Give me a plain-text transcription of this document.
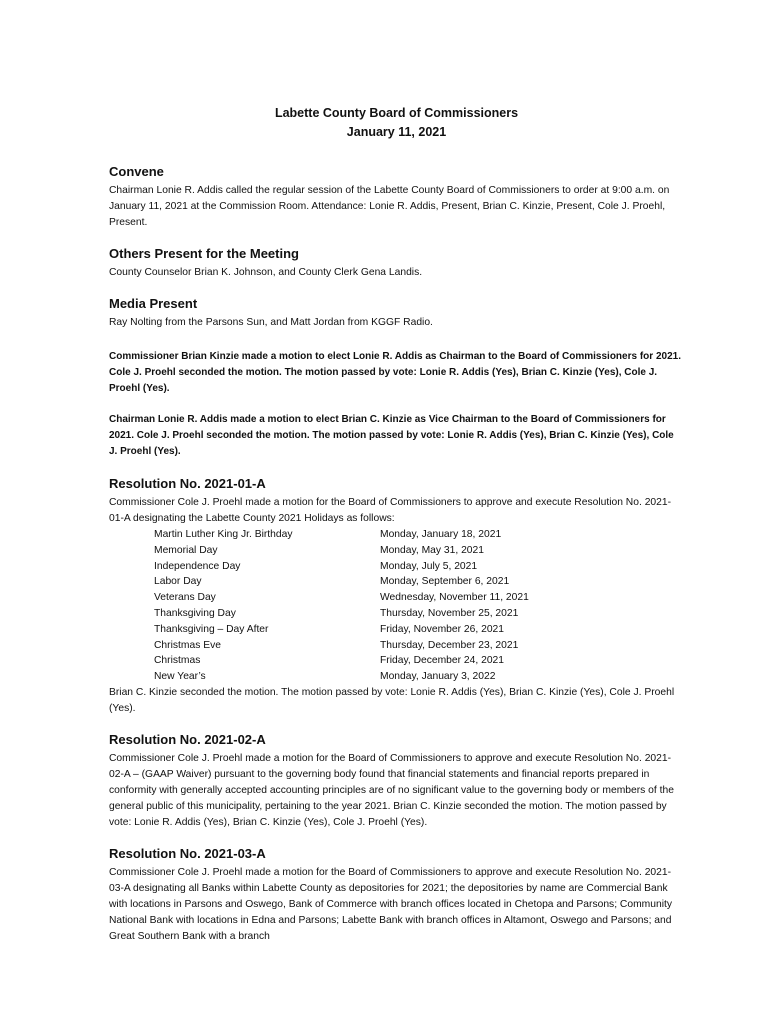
Labette County Board of Commissioners
January 11, 2021
Convene

Chairman Lonie R. Addis called the regular session of the Labette County Board of Commissioners to order at 9:00 a.m. on January 11, 2021 at the Commission Room. Attendance: Lonie R. Addis, Present, Brian C. Kinzie, Present, Cole J. Proehl, Present.

Others Present for the Meeting

County Counselor Brian K. Johnson, and County Clerk Gena Landis.

Media Present

Ray Nolting from the Parsons Sun, and Matt Jordan from KGGF Radio.

Commissioner Brian Kinzie made a motion to elect Lonie R. Addis as Chairman to the Board of Commissioners for 2021. Cole J. Proehl seconded the motion. The motion passed by vote: Lonie R. Addis (Yes), Brian C. Kinzie (Yes), Cole J. Proehl (Yes).

Chairman Lonie R. Addis made a motion to elect Brian C. Kinzie as Vice Chairman to the Board of Commissioners for 2021. Cole J. Proehl seconded the motion. The motion passed by vote: Lonie R. Addis (Yes), Brian C. Kinzie (Yes), Cole J. Proehl (Yes).

Resolution No. 2021-01-A

Commissioner Cole J. Proehl made a motion for the Board of Commissioners to approve and execute Resolution No. 2021-01-A designating the Labette County 2021 Holidays as follows:

Martin Luther King Jr. Birthday	Monday, January 18, 2021
Memorial Day	Monday, May 31, 2021
Independence Day	Monday, July 5, 2021
Labor Day	Monday, September 6, 2021
Veterans Day	Wednesday, November 11, 2021
Thanksgiving Day	Thursday, November 25, 2021
Thanksgiving – Day After	Friday, November 26, 2021
Christmas Eve	Thursday, December 23, 2021
Christmas	Friday, December 24, 2021
New Year’s	Monday, January 3, 2022

Brian C. Kinzie seconded the motion. The motion passed by vote: Lonie R. Addis (Yes), Brian C. Kinzie (Yes), Cole J. Proehl (Yes).

Resolution No. 2021-02-A

Commissioner Cole J. Proehl made a motion for the Board of Commissioners to approve and execute Resolution No. 2021-02-A – (GAAP Waiver) pursuant to the governing body found that financial statements and financial reports prepared in conformity with generally accepted accounting principles are of no significant value to the governing body or members of the general public of this municipality, pertaining to the year 2021. Brian C. Kinzie seconded the motion. The motion passed by vote: Lonie R. Addis (Yes), Brian C. Kinzie (Yes), Cole J. Proehl (Yes).

Resolution No. 2021-03-A

Commissioner Cole J. Proehl made a motion for the Board of Commissioners to approve and execute Resolution No. 2021-03-A designating all Banks within Labette County as depositories for 2021; the depositories by name are Commercial Bank with locations in Parsons and Oswego, Bank of Commerce with branch offices located in Chetopa and Parsons; Community National Bank with locations in Edna and Parsons; Labette Bank with branch offices in Altamont, Oswego and Parsons; and Great Southern Bank with a branch
